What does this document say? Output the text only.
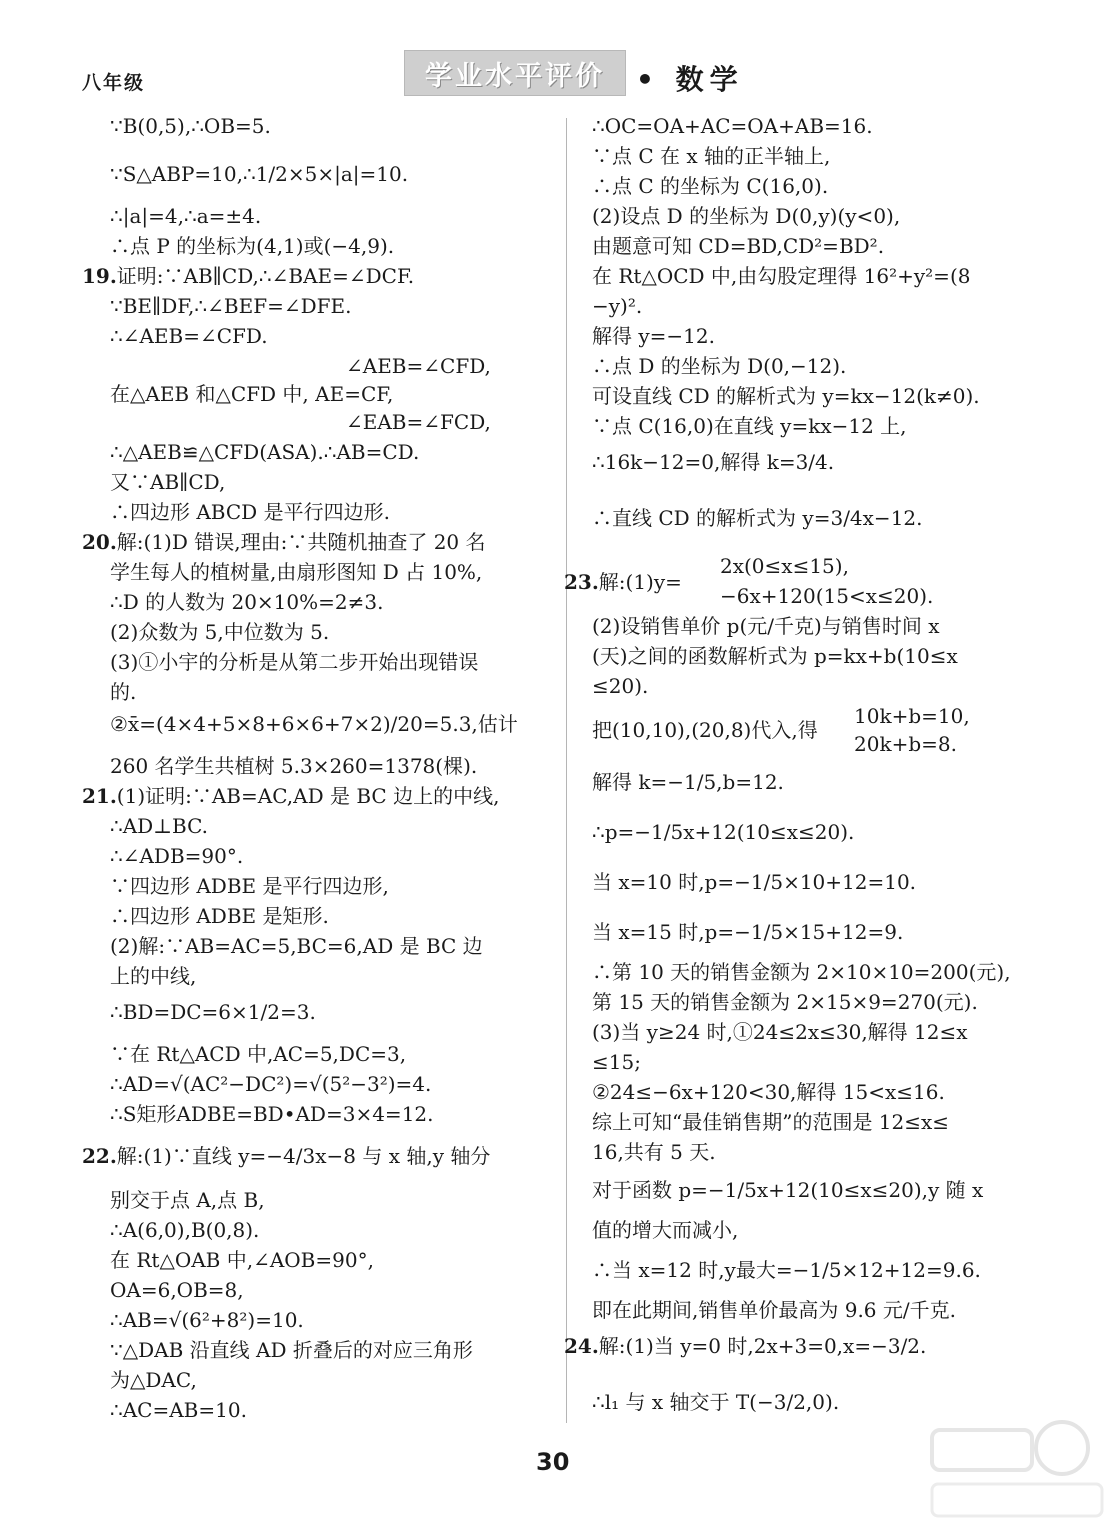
八年级	学业水平评价	• 数学
∵B(0,5),∴OB=5.
∵S△ABP=10,∴1/2×5×|a|=10.
∴|a|=4,∴a=±4.
∴点 P 的坐标为(4,1)或(−4,9).
19.证明:∵AB∥CD,∴∠BAE=∠DCF.
∵BE∥DF,∴∠BEF=∠DFE.
∴∠AEB=∠CFD.
∠AEB=∠CFD,
在△AEB 和△CFD 中, AE=CF,
∠EAB=∠FCD,
∴△AEB≌△CFD(ASA).∴AB=CD.
又∵AB∥CD,
∴四边形 ABCD 是平行四边形.
20.解:(1)D 错误,理由:∵共随机抽查了 20 名
学生每人的植树量,由扇形图知 D 占 10%,
∴D 的人数为 20×10%=2≠3.
(2)众数为 5,中位数为 5.
(3)①小宇的分析是从第二步开始出现错误
的.
②x̄=(4×4+5×8+6×6+7×2)/20=5.3,估计
260 名学生共植树 5.3×260=1378(棵).
21.(1)证明:∵AB=AC,AD 是 BC 边上的中线,
∴AD⊥BC.
∴∠ADB=90°.
∵四边形 ADBE 是平行四边形,
∴四边形 ADBE 是矩形.
(2)解:∵AB=AC=5,BC=6,AD 是 BC 边
上的中线,
∴BD=DC=6×1/2=3.
∵在 Rt△ACD 中,AC=5,DC=3,
∴AD=√(AC²−DC²)=√(5²−3²)=4.
∴S矩形ADBE=BD•AD=3×4=12.
22.解:(1)∵直线 y=−4/3x−8 与 x 轴,y 轴分
别交于点 A,点 B,
∴A(6,0),B(0,8).
在 Rt△OAB 中,∠AOB=90°,
OA=6,OB=8,
∴AB=√(6²+8²)=10.
∵△DAB 沿直线 AD 折叠后的对应三角形
为△DAC,
∴AC=AB=10.
∴OC=OA+AC=OA+AB=16.
∵点 C 在 x 轴的正半轴上,
∴点 C 的坐标为 C(16,0).
(2)设点 D 的坐标为 D(0,y)(y<0),
由题意可知 CD=BD,CD²=BD².
在 Rt△OCD 中,由勾股定理得 16²+y²=(8
−y)².
解得 y=−12.
∴点 D 的坐标为 D(0,−12).
可设直线 CD 的解析式为 y=kx−12(k≠0).
∵点 C(16,0)在直线 y=kx−12 上,
∴16k−12=0,解得 k=3/4.
∴直线 CD 的解析式为 y=3/4x−12.
2x(0≤x≤15),
23.解:(1)y=
−6x+120(15<x≤20).
(2)设销售单价 p(元/千克)与销售时间 x
(天)之间的函数解析式为 p=kx+b(10≤x
≤20).
10k+b=10,
把(10,10),(20,8)代入,得
20k+b=8.
解得 k=−1/5,b=12.
∴p=−1/5x+12(10≤x≤20).
当 x=10 时,p=−1/5×10+12=10.
当 x=15 时,p=−1/5×15+12=9.
∴第 10 天的销售金额为 2×10×10=200(元),
第 15 天的销售金额为 2×15×9=270(元).
(3)当 y≥24 时,①24≤2x≤30,解得 12≤x
≤15;
②24≤−6x+120<30,解得 15<x≤16.
综上可知“最佳销售期”的范围是 12≤x≤
16,共有 5 天.
对于函数 p=−1/5x+12(10≤x≤20),y 随 x
值的增大而减小,
∴当 x=12 时,y最大=−1/5×12+12=9.6.
即在此期间,销售单价最高为 9.6 元/千克.
24.解:(1)当 y=0 时,2x+3=0,x=−3/2.
∴l₁ 与 x 轴交于 T(−3/2,0).
30
